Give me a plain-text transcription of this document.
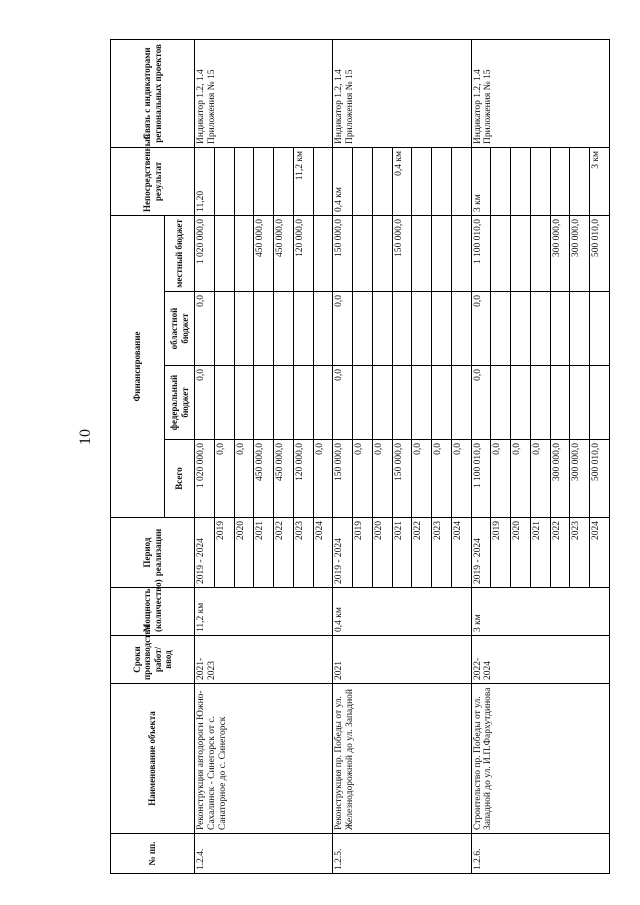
10
№ пп.	Наименование объекта	Сроки производства работ/ ввод	Мощность (количество)	Период реализации	Финансирование				Непосредственный результат	Связь с индикаторами региональных проектов
					Всего	федеральный бюджет	областной бюджет	местный бюджет		
1.2.4.	Реконструкция автодороги Южно-Сахалинск - Синегорск от с. Санаторное до с. Синегорск	2021-2023	11,2 км	2019 - 2024	1 020 000,0	0,0	0,0	1 020 000,0	11,20	Индикатор 1.2, 1.4 Приложения № 15
				2019	0,0					
				2020	0,0					
				2021	450 000,0			450 000,0		
				2022	450 000,0			450 000,0		
				2023	120 000,0			120 000,0	11,2 км	
				2024	0,0					
1.2.5.	Реконструкция пр. Победы от ул. Железнодорожной до ул. Западной	2021	0,4 км	2019 - 2024	150 000,0	0,0	0,0	150 000,0	0,4 км	Индикатор 1.2, 1.4 Приложения № 15
				2019	0,0					
				2020	0,0					
				2021	150 000,0			150 000,0	0,4 км	
				2022	0,0					
				2023	0,0					
				2024	0,0					
1.2.6.	Строительство пр. Победы от ул. Западной до ул. И.П.Фархутдинова	2022-2024	3 км	2019 - 2024	1 100 010,0	0,0	0,0	1 100 010,0	3 км	Индикатор 1.2, 1.4 Приложения № 15
				2019	0,0					
				2020	0,0					
				2021	0,0					
				2022	300 000,0			300 000,0		
				2023	300 000,0			300 000,0		
				2024	500 010,0			500 010,0	3 км	
